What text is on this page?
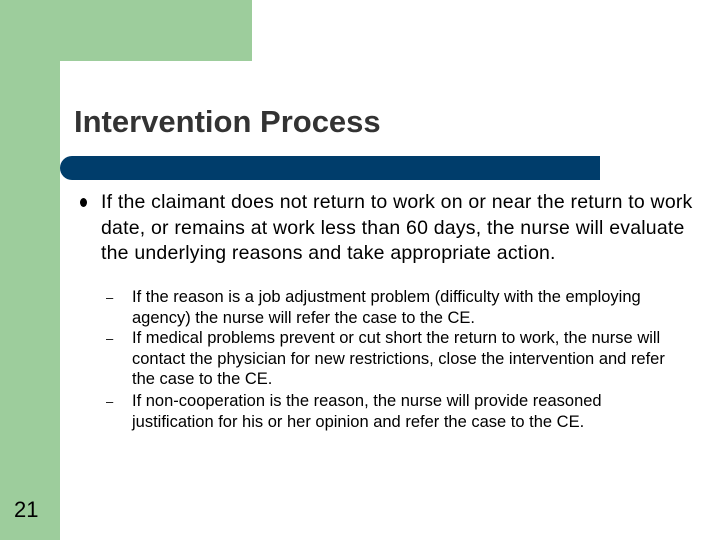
Intervention Process
If the claimant does not return to work on or near the return to work date, or remains at work less than 60 days, the nurse will evaluate the underlying reasons and take appropriate action.
–	If the reason is a job adjustment problem (difficulty with the employing agency) the nurse will refer the case to the CE.
–	If medical problems prevent or cut short the return to work, the nurse will contact the physician for new restrictions, close the intervention and refer the case to the CE.
–	If non-cooperation is the reason, the nurse will provide reasoned justification for his or her opinion and refer the case to the CE.
21
